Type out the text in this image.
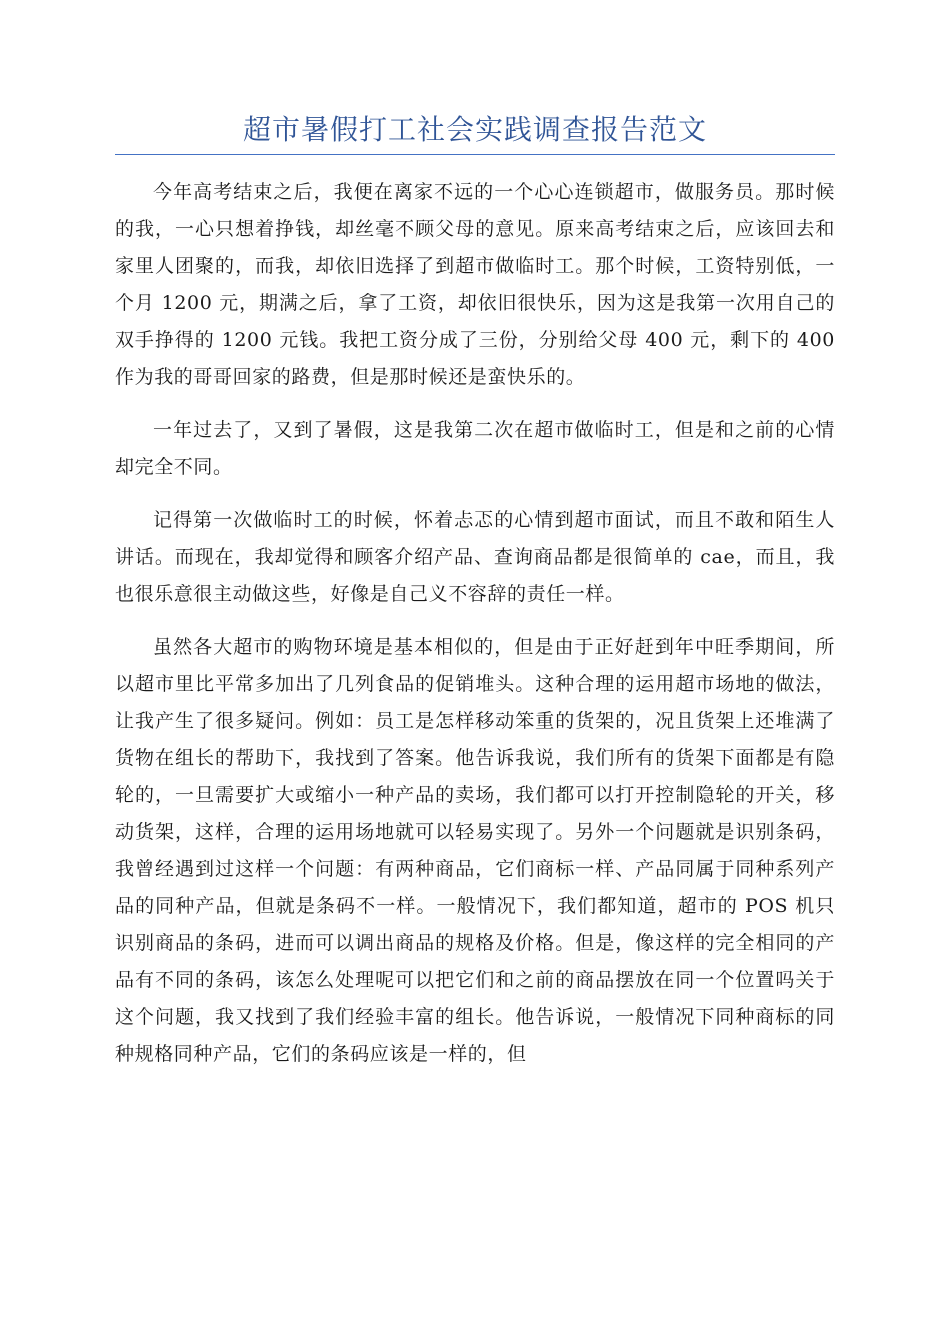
超市暑假打工社会实践调查报告范文

今年高考结束之后，我便在离家不远的一个心心连锁超市，做服务员。那时候的我，一心只想着挣钱，却丝毫不顾父母的意见。原来高考结束之后，应该回去和家里人团聚的，而我，却依旧选择了到超市做临时工。那个时候，工资特别低，一个月 1200 元，期满之后，拿了工资，却依旧很快乐，因为这是我第一次用自己的双手挣得的 1200 元钱。我把工资分成了三份，分别给父母 400 元，剩下的 400 作为我的哥哥回家的路费，但是那时候还是蛮快乐的。

一年过去了，又到了暑假，这是我第二次在超市做临时工，但是和之前的心情却完全不同。

记得第一次做临时工的时候，怀着忐忑的心情到超市面试，而且不敢和陌生人讲话。而现在，我却觉得和顾客介绍产品、查询商品都是很简单的 cae，而且，我也很乐意很主动做这些，好像是自己义不容辞的责任一样。

虽然各大超市的购物环境是基本相似的，但是由于正好赶到年中旺季期间，所以超市里比平常多加出了几列食品的促销堆头。这种合理的运用超市场地的做法，让我产生了很多疑问。例如：员工是怎样移动笨重的货架的，况且货架上还堆满了货物在组长的帮助下，我找到了答案。他告诉我说，我们所有的货架下面都是有隐轮的，一旦需要扩大或缩小一种产品的卖场，我们都可以打开控制隐轮的开关，移动货架，这样，合理的运用场地就可以轻易实现了。另外一个问题就是识别条码，我曾经遇到过这样一个问题：有两种商品，它们商标一样、产品同属于同种系列产品的同种产品，但就是条码不一样。一般情况下，我们都知道，超市的 POS 机只识别商品的条码，进而可以调出商品的规格及价格。但是，像这样的完全相同的产品有不同的条码，该怎么处理呢可以把它们和之前的商品摆放在同一个位置吗关于这个问题，我又找到了我们经验丰富的组长。他告诉说，一般情况下同种商标的同种规格同种产品，它们的条码应该是一样的，但
